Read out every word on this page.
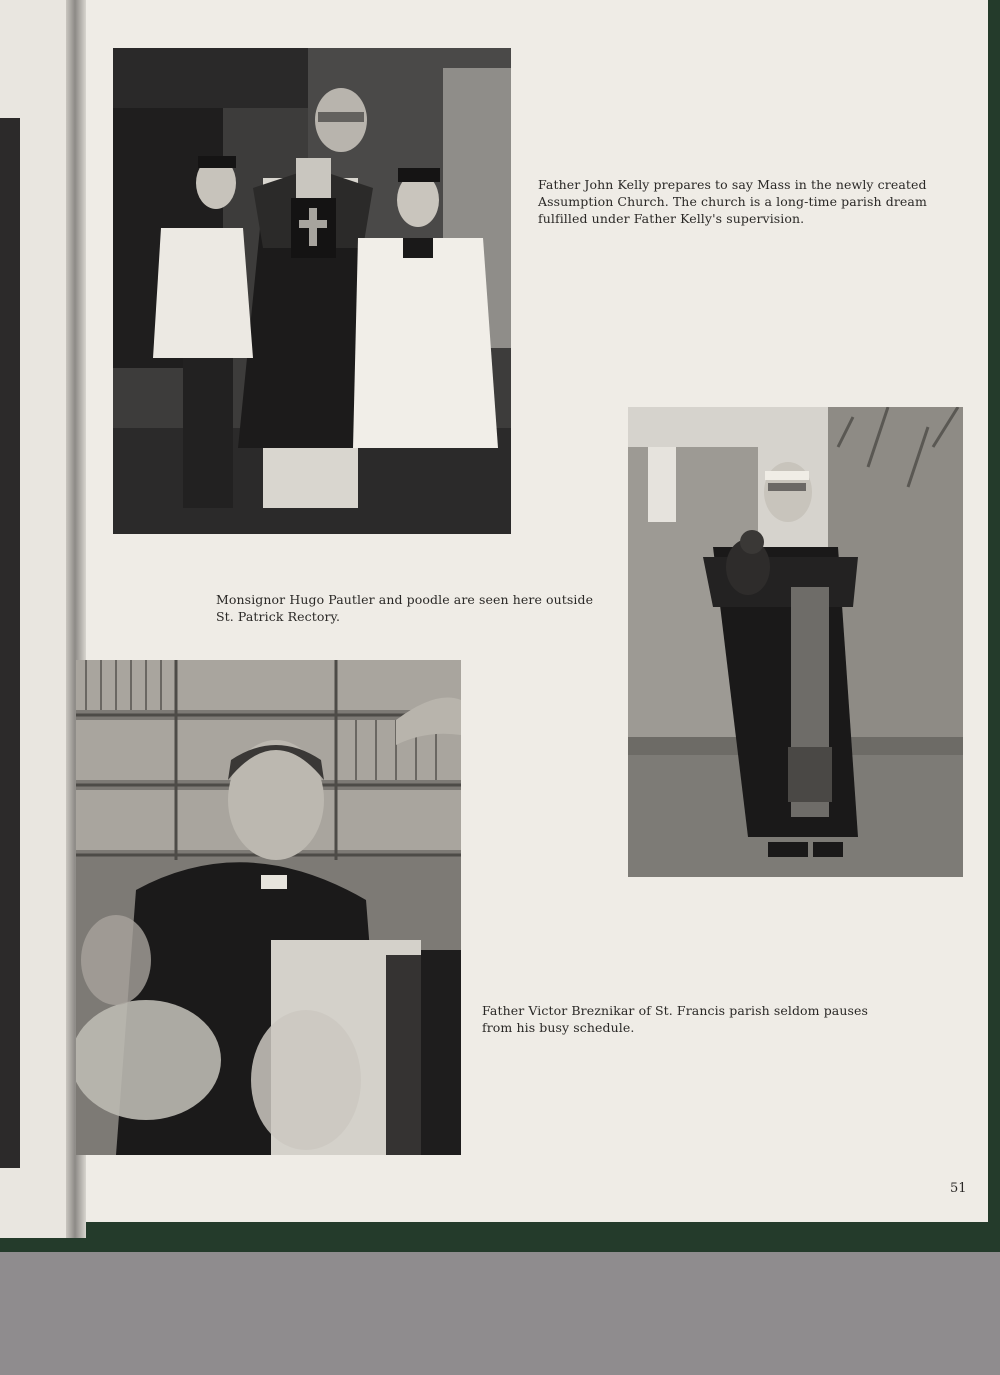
Father John Kelly prepares to say Mass in the newly created Assumption Church. The church is a long-time parish dream fulfilled under Father Kelly's supervision.
Monsignor Hugo Pautler and poodle are seen here outside St. Patrick Rectory.
Father Victor Breznikar of St. Francis parish seldom pauses from his busy schedule.
51
